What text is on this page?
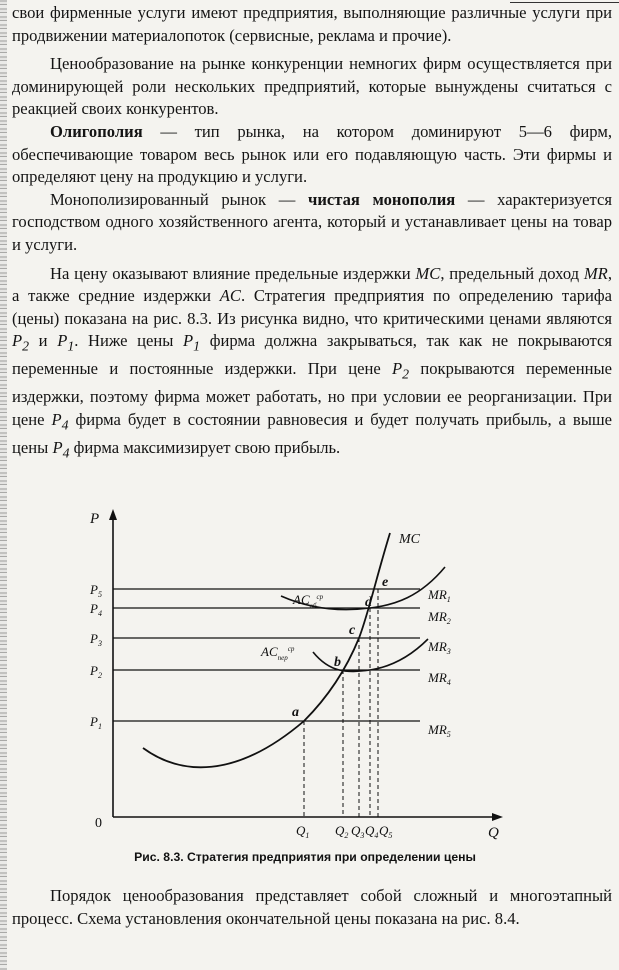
свои фирменные услуги имеют предприятия, выполняющие различные услуги при продвижении материалопоток (сервисные, реклама и прочие).

Ценообразование на рынке конкуренции немногих фирм осуществляется при доминирующей роли нескольких предприятий, которые вынуждены считаться с реакцией своих конкурентов.

Олигополия — тип рынка, на котором доминируют 5—6 фирм, обеспечивающие товаром весь рынок или его подавляющую часть. Эти фирмы и определяют цену на продукцию и услуги.

Монополизированный рынок — чистая монополия — характеризуется господством одного хозяйственного агента, который и устанавливает цены на товар и услуги.

На цену оказывают влияние предельные издержки MC, предельный доход MR, а также средние издержки AC. Стратегия предприятия по определению тарифа (цены) показана на рис. 8.3. Из рисунка видно, что критическими ценами являются $P_2$ и $P_1$. Ниже цены $P_1$ фирма должна закрываться, так как не покрываются переменные и постоянные издержки. При цене $P_2$ покрываются переменные издержки, поэтому фирма может работать, но при условии ее реорганизации. При цене $P_4$ фирма будет в состоянии равновесия и будет получать прибыль, а выше цены $P_4$ фирма максимизирует свою прибыль.

P
Q
0
$P_5$
$P_4$
$P_3$
$P_2$
$P_1$
$MR_1$
$MR_2$
$MR_3$
$MR_4$
$MR_5$
$Q_1$ $Q_2$ $Q_3$ $Q_4$ $Q_5$
MC
$AC_{об}^{ср}$
$AC_{пер}^{ср}$
a
b
c
d
e
Рис. 8.3. Стратегия предприятия при определении цены

Порядок ценообразования представляет собой сложный и многоэтапный процесс. Схема установления окончательной цены показана на рис. 8.4.
